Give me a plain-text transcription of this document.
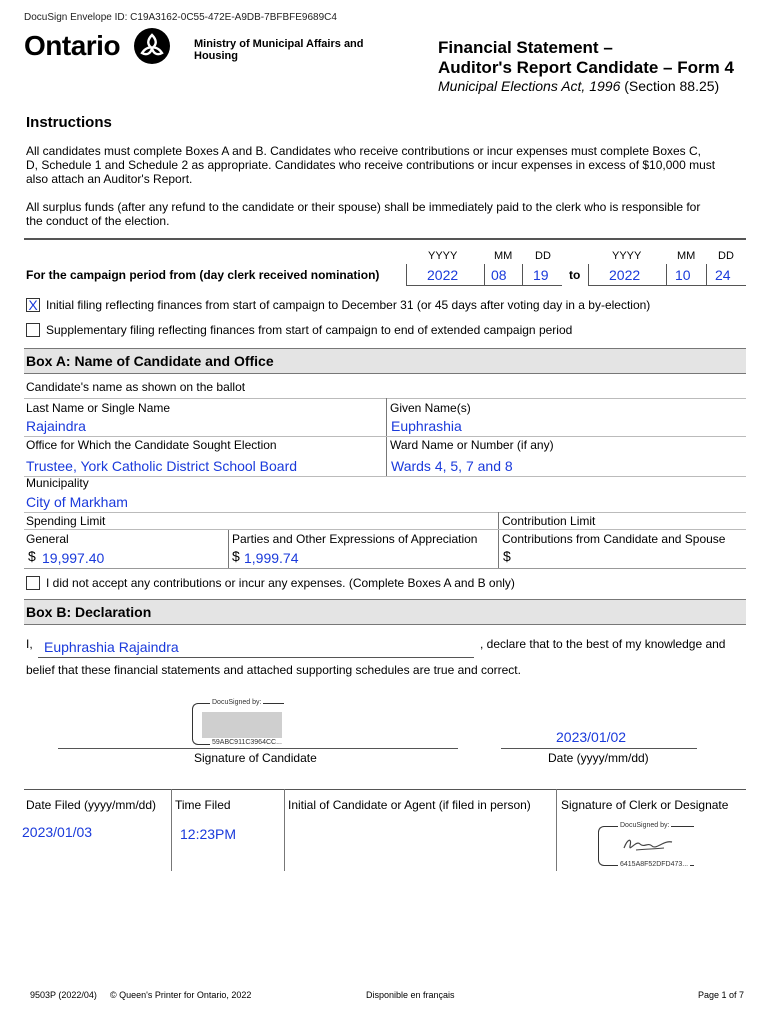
DocuSign Envelope ID: C19A3162-0C55-472E-A9DB-7BFBFE9689C4
Ontario	Ministry of Municipal Affairs and Housing	Financial Statement –
Auditor's Report Candidate – Form 4
Municipal Elections Act, 1996 (Section 88.25)
Instructions
All candidates must complete Boxes A and B. Candidates who receive contributions or incur expenses must complete Boxes C, D, Schedule 1 and Schedule 2 as appropriate. Candidates who receive contributions or incur expenses in excess of $10,000 must also attach an Auditor's Report.
All surplus funds (after any refund to the candidate or their spouse) shall be immediately paid to the clerk who is responsible for the conduct of the election.
YYYY	MM DD	YYYY	MM DD
For the campaign period from (day clerk received nomination)	2022	08	19	to	2022	10	24
X Initial filing reflecting finances from start of campaign to December 31 (or 45 days after voting day in a by-election)
Supplementary filing reflecting finances from start of campaign to end of extended campaign period
Box A: Name of Candidate and Office
Candidate's name as shown on the ballot
Last Name or Single Name
Rajaindra
Given Name(s)
Euphrashia
Office for Which the Candidate Sought Election
Trustee, York Catholic District School Board
Ward Name or Number (if any)
Wards 4, 5, 7 and 8
Municipality
City of Markham
Spending Limit	Contribution Limit
General
$ 19,997.40
Parties and Other Expressions of Appreciation
$ 1,999.74
Contributions from Candidate and Spouse
$
I did not accept any contributions or incur any expenses. (Complete Boxes A and B only)
Box B: Declaration
I, Euphrashia Rajaindra	, declare that to the best of my knowledge and
belief that these financial statements and attached supporting schedules are true and correct.
DocuSigned by:
59ABC911C3964CC...
Signature of Candidate
2023/01/02
Date (yyyy/mm/dd)
Date Filed (yyyy/mm/dd)
2023/01/03
Time Filed
12:23PM
Initial of Candidate or Agent (if filed in person)	Signature of Clerk or Designate
DocuSigned by:
6415A8F52DFD473...
9503P (2022/04) © Queen's Printer for Ontario, 2022	Disponible en français	Page 1 of 7
